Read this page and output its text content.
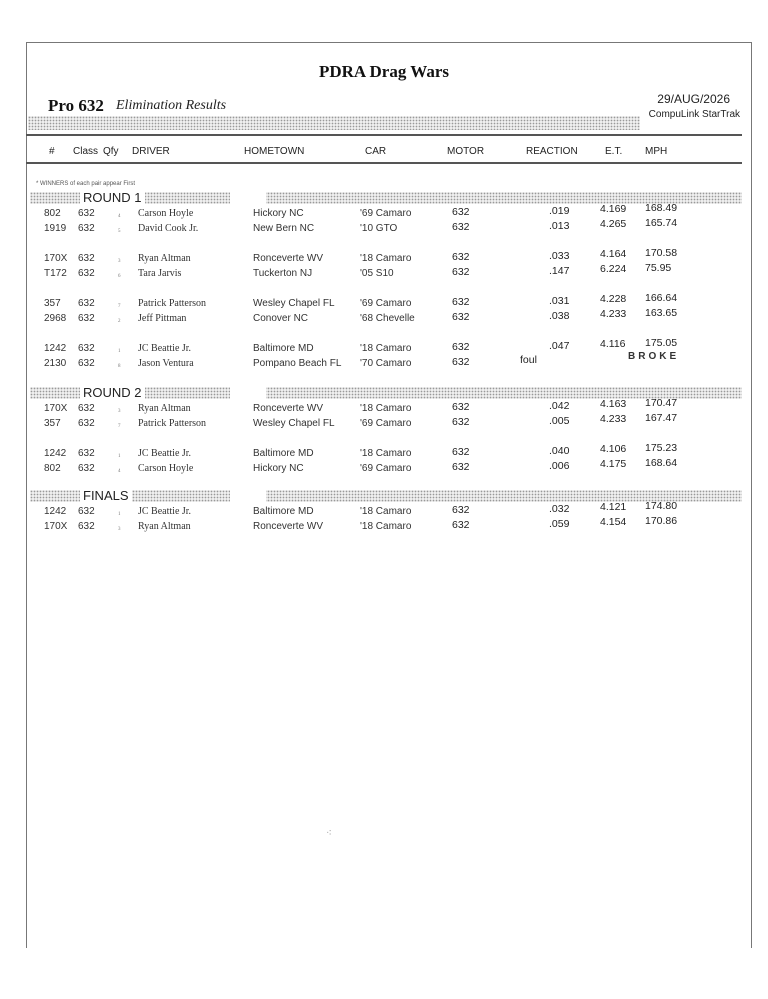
PDRA Drag Wars
Pro 632 Elimination Results	29/AUG/2026
CompuLink StarTrak
# Class Qfy DRIVER	HOMETOWN	CAR	MOTOR	REACTION	E.T. MPH
* WINNERS of each pair appear First
ROUND 1
802 632	4 Carson Hoyle	Hickory NC	'69 Camaro	632	.019	4.169 168.49
1919 632	5 David Cook Jr.	New Bern NC	'10 GTO	632	.013	4.265 165.74
170X 632	3 Ryan Altman	Ronceverte WV	'18 Camaro	632	.033	4.164 170.58
T172 632	6 Tara Jarvis	Tuckerton NJ	'05 S10	632	.147	6.224 75.95
357 632	7 Patrick Patterson	Wesley Chapel FL	'69 Camaro	632	.031	4.228 166.64
2968 632	2 Jeff Pittman	Conover NC	'68 Chevelle	632	.038	4.233 163.65
1242 632	1 JC Beattie Jr.	Baltimore MD	'18 Camaro	632	.047	4.116 175.05
2130 632	8 Jason Ventura	Pompano Beach FL '70 Camaro	632	foul	BROKE
ROUND 2
170X 632	3 Ryan Altman	Ronceverte WV	'18 Camaro	632	.042	4.163 170.47
357 632	7 Patrick Patterson	Wesley Chapel FL	'69 Camaro	632	.005	4.233 167.47
1242 632	1 JC Beattie Jr.	Baltimore MD	'18 Camaro	632	.040	4.106 175.23
802 632	4 Carson Hoyle	Hickory NC	'69 Camaro	632	.006	4.175 168.64
FINALS
1242 632	1 JC Beattie Jr.	Baltimore MD	'18 Camaro	632	.032	4.121 174.80
170X 632	3 Ryan Altman	Ronceverte WV	'18 Camaro	632	.059	4.154 170.86
⁖
